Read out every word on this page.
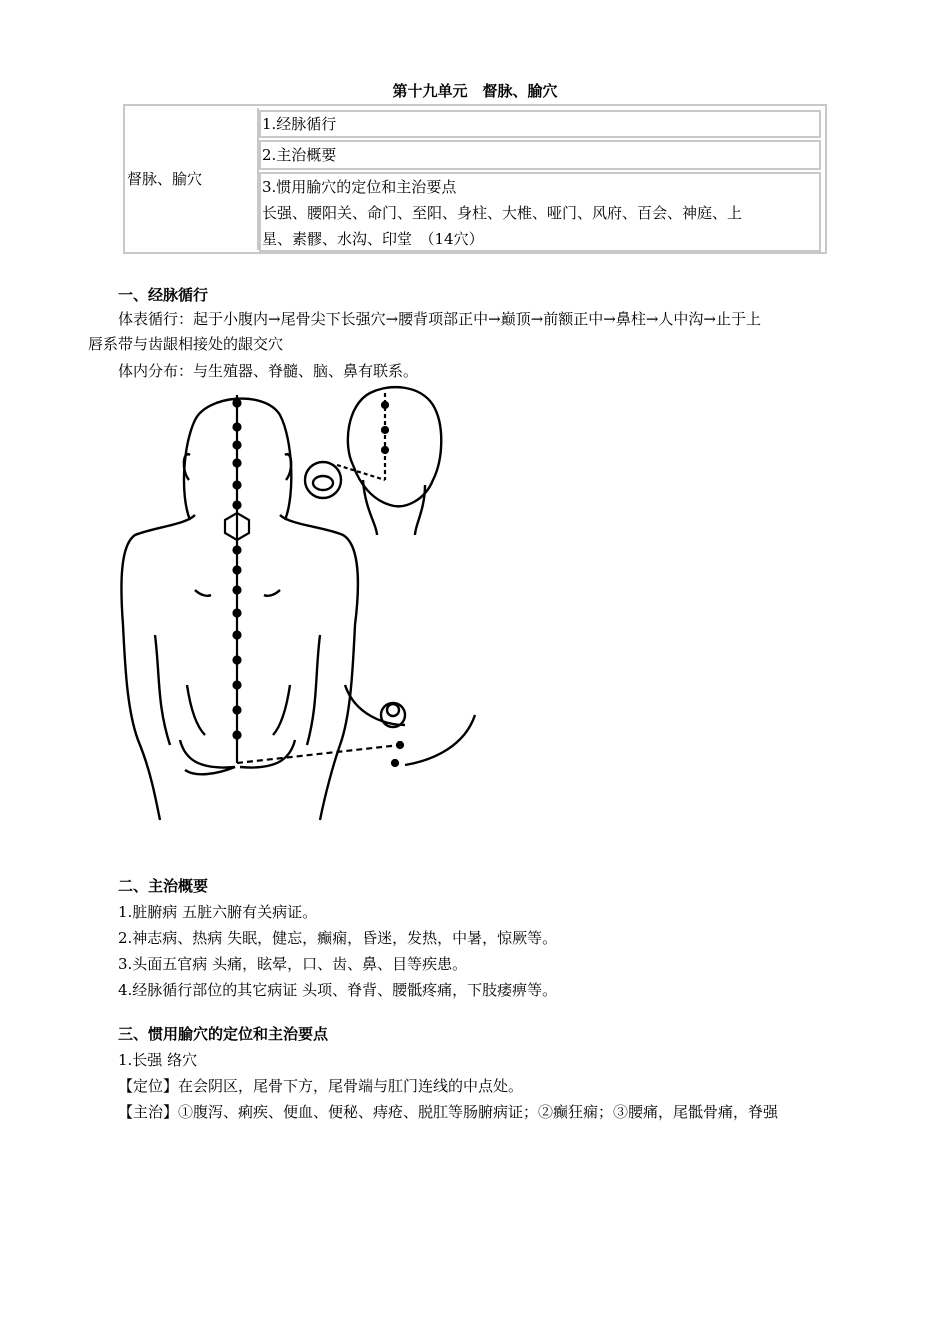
第十九单元　督脉、腧穴
督脉、腧穴
1.经脉循行
2.主治概要
3.惯用腧穴的定位和主治要点
长强、腰阳关、命门、至阳、身柱、大椎、哑门、风府、百会、神庭、上
星、素髎、水沟、印堂　（14穴）
一、经脉循行
体表循行：起于小腹内→尾骨尖下长强穴→腰背项部正中→巅顶→前额正中→鼻柱→人中沟→止于上
唇系带与齿龈相接处的龈交穴
体内分布：与生殖器、脊髓、脑、鼻有联系。
二、主治概要
1.脏腑病 五脏六腑有关病证。
2.神志病、热病 失眠，健忘，癫痫，昏迷，发热，中暑，惊厥等。
3.头面五官病 头痛，眩晕，口、齿、鼻、目等疾患。
4.经脉循行部位的其它病证 头项、脊背、腰骶疼痛，下肢痿痹等。
三、惯用腧穴的定位和主治要点
1.长强 络穴
【定位】在会阴区，尾骨下方，尾骨端与肛门连线的中点处。
【主治】①腹泻、痢疾、便血、便秘、痔疮、脱肛等肠腑病证；②癫狂痫；③腰痛，尾骶骨痛，脊强
